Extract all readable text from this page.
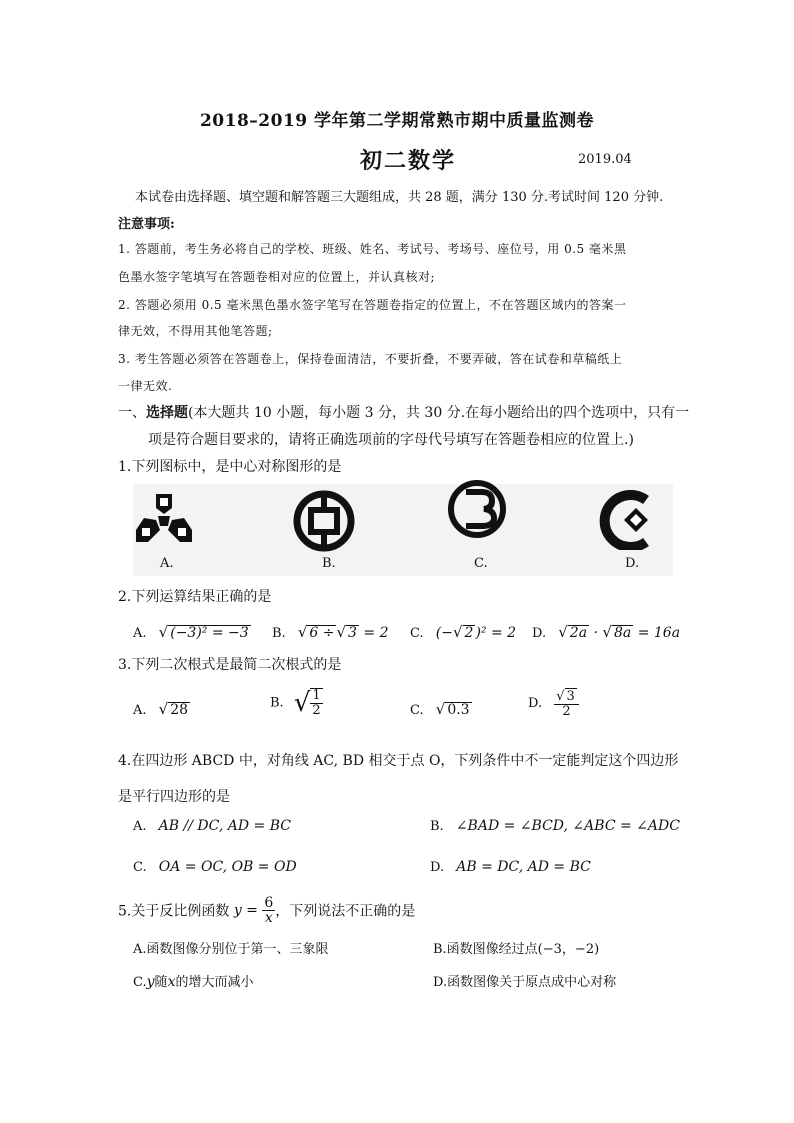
2018–2019 学年第二学期常熟市期中质量监测卷
初二数学	2019.04
本试卷由选择题、填空题和解答题三大题组成，共 28 题，满分 130 分.考试时间 120 分钟.
注意事项:
1. 答题前，考生务必将自己的学校、班级、姓名、考试号、考场号、座位号，用 0.5 毫米黑
色墨水签字笔填写在答题卷相对应的位置上，并认真核对;
2. 答题必须用 0.5 毫米黑色墨水签字笔写在答题卷指定的位置上，不在答题区域内的答案一
律无效，不得用其他笔答题;
3. 考生答题必须答在答题卷上，保持卷面清洁，不要折叠，不要弄破，答在试卷和草稿纸上
一律无效.
一、选择题(本大题共 10 小题，每小题 3 分，共 30 分.在每小题给出的四个选项中，只有一
项是符合题目要求的，请将正确选项前的字母代号填写在答题卷相应的位置上.)
1.下列图标中，是中心对称图形的是
A.	B.	C.	D.
2.下列运算结果正确的是
A. √ (−3)² = −3 B. √ 6 ÷√ 3 = 2 C. (−√ 2 )² = 2 D. √ 2a · √ 8a = 16a
3.下列二次根式是最简二次根式的是
A. √ 28	B. √ $\frac{1}{2}$	C. √ 0.3	D. $\frac{√ 3}{2}$
4.在四边形 ABCD 中，对角线 AC, BD 相交于点 O，下列条件中不一定能判定这个四边形
是平行四边形的是
A. AB // DC, AD = BC	B. ∠BAD = ∠BCD, ∠ABC = ∠ADC
C. OA = OC, OB = OD	D. AB = DC, AD = BC
5.关于反比例函数 $y = \frac{6}{x}$ ，下列说法不正确的是
A.函数图像分别位于第一、三象限	B.函数图像经过点(−3，−2)
C.y随x的增大而减小	D.函数图像关于原点成中心对称
